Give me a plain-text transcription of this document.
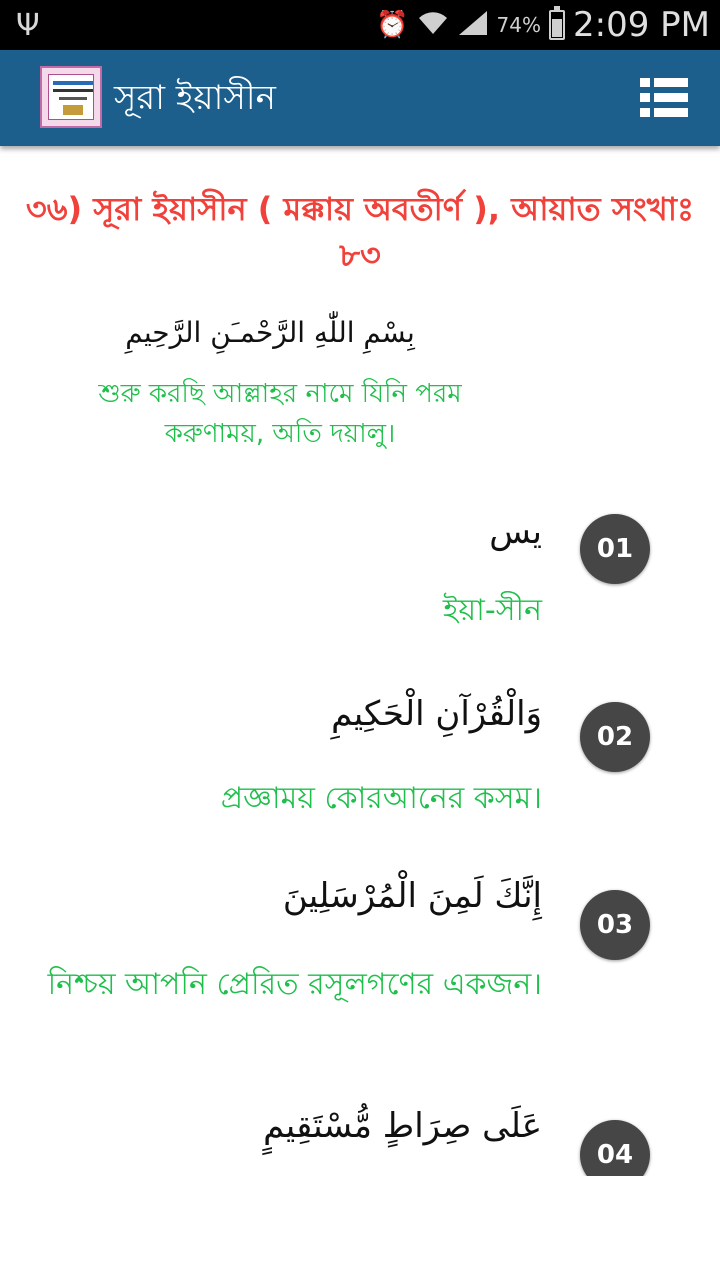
Ψ	⏰	74% 2:09 PM
সূরা ইয়াসীন
৩৬) সূরা ইয়াসীন ( মক্কায় অবতীর্ণ ), আয়াত সংখাঃ ৮৩
بِسْمِ اللّٰهِ الرَّحْمـَنِ الرَّحِيمِ
শুরু করছি আল্লাহর নামে যিনি পরম করুণাময়, অতি দয়ালু।
يس	01
ইয়া-সীন
وَالْقُرْآنِ الْحَكِيمِ
02
প্রজ্ঞাময় কোরআনের কসম।
إِنَّكَ لَمِنَ الْمُرْسَلِينَ
03
নিশ্চয় আপনি প্রেরিত রসূলগণের একজন।
عَلَى صِرَاطٍ مُّسْتَقِيمٍ
04
